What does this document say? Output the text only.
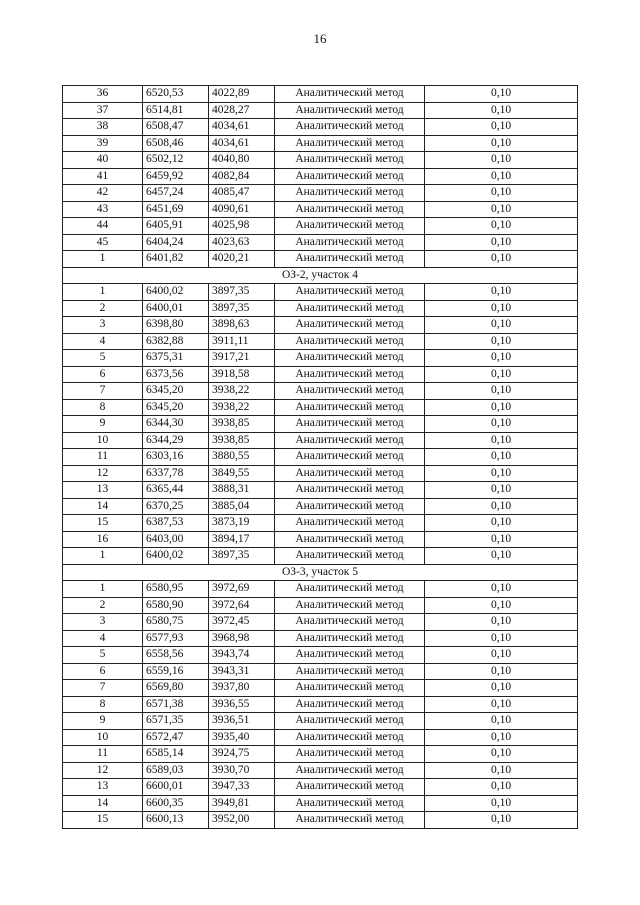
16
36	6520,53	4022,89	Аналитический метод	0,10
37	6514,81	4028,27	Аналитический метод	0,10
38	6508,47	4034,61	Аналитический метод	0,10
39	6508,46	4034,61	Аналитический метод	0,10
40	6502,12	4040,80	Аналитический метод	0,10
41	6459,92	4082,84	Аналитический метод	0,10
42	6457,24	4085,47	Аналитический метод	0,10
43	6451,69	4090,61	Аналитический метод	0,10
44	6405,91	4025,98	Аналитический метод	0,10
45	6404,24	4023,63	Аналитический метод	0,10
1	6401,82	4020,21	Аналитический метод	0,10
ОЗ-2, участок 4				
1	6400,02	3897,35	Аналитический метод	0,10
2	6400,01	3897,35	Аналитический метод	0,10
3	6398,80	3898,63	Аналитический метод	0,10
4	6382,88	3911,11	Аналитический метод	0,10
5	6375,31	3917,21	Аналитический метод	0,10
6	6373,56	3918,58	Аналитический метод	0,10
7	6345,20	3938,22	Аналитический метод	0,10
8	6345,20	3938,22	Аналитический метод	0,10
9	6344,30	3938,85	Аналитический метод	0,10
10	6344,29	3938,85	Аналитический метод	0,10
11	6303,16	3880,55	Аналитический метод	0,10
12	6337,78	3849,55	Аналитический метод	0,10
13	6365,44	3888,31	Аналитический метод	0,10
14	6370,25	3885,04	Аналитический метод	0,10
15	6387,53	3873,19	Аналитический метод	0,10
16	6403,00	3894,17	Аналитический метод	0,10
1	6400,02	3897,35	Аналитический метод	0,10
ОЗ-3, участок 5				
1	6580,95	3972,69	Аналитический метод	0,10
2	6580,90	3972,64	Аналитический метод	0,10
3	6580,75	3972,45	Аналитический метод	0,10
4	6577,93	3968,98	Аналитический метод	0,10
5	6558,56	3943,74	Аналитический метод	0,10
6	6559,16	3943,31	Аналитический метод	0,10
7	6569,80	3937,80	Аналитический метод	0,10
8	6571,38	3936,55	Аналитический метод	0,10
9	6571,35	3936,51	Аналитический метод	0,10
10	6572,47	3935,40	Аналитический метод	0,10
11	6585,14	3924,75	Аналитический метод	0,10
12	6589,03	3930,70	Аналитический метод	0,10
13	6600,01	3947,33	Аналитический метод	0,10
14	6600,35	3949,81	Аналитический метод	0,10
15	6600,13	3952,00	Аналитический метод	0,10
